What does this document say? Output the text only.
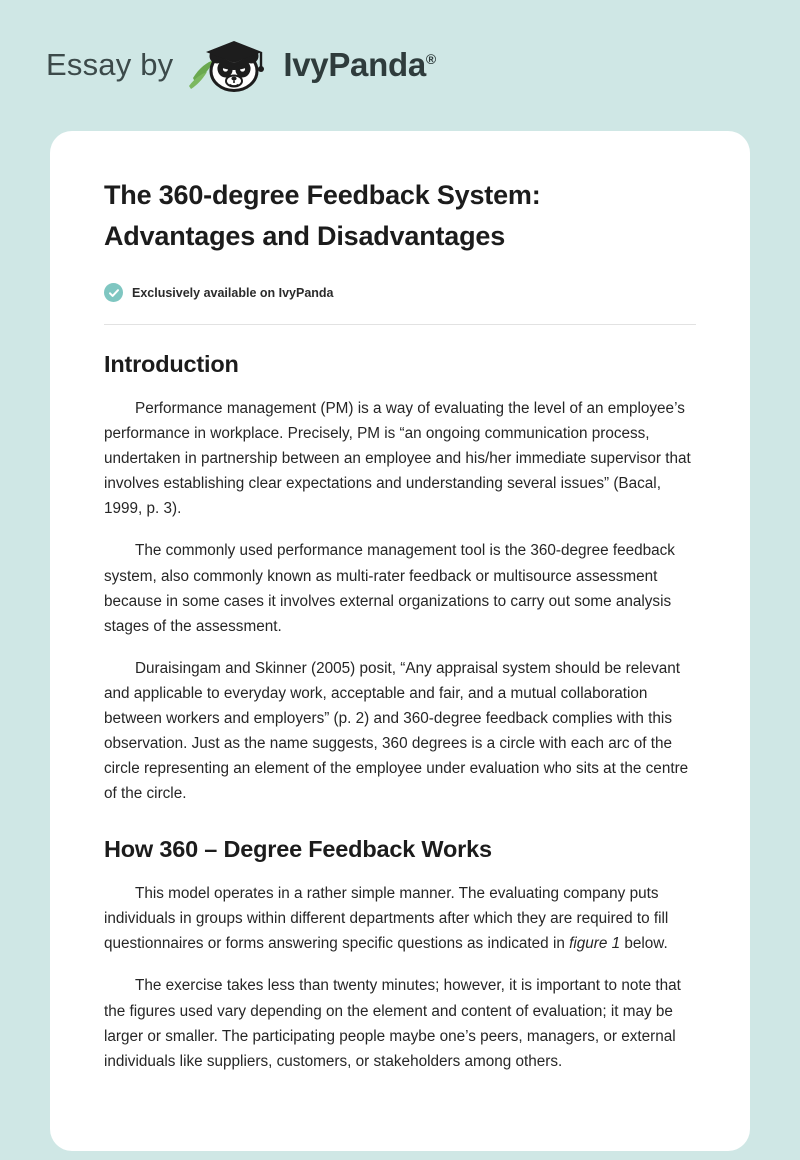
Essay by	IvyPanda®
The 360-degree Feedback System: Advantages and Disadvantages
Exclusively available on IvyPanda
Introduction

Performance management (PM) is a way of evaluating the level of an employee’s performance in workplace. Precisely, PM is “an ongoing communication process, undertaken in partnership between an employee and his/her immediate supervisor that involves establishing clear expectations and understanding several issues” (Bacal, 1999, p. 3).

The commonly used performance management tool is the 360-degree feedback system, also commonly known as multi-rater feedback or multisource assessment because in some cases it involves external organizations to carry out some analysis stages of the assessment.

Duraisingam and Skinner (2005) posit, “Any appraisal system should be relevant and applicable to everyday work, acceptable and fair, and a mutual collaboration between workers and employers” (p. 2) and 360-degree feedback complies with this observation. Just as the name suggests, 360 degrees is a circle with each arc of the circle representing an element of the employee under evaluation who sits at the centre of the circle.

How 360 – Degree Feedback Works

This model operates in a rather simple manner. The evaluating company puts individuals in groups within different departments after which they are required to fill questionnaires or forms answering specific questions as indicated in figure 1 below.

The exercise takes less than twenty minutes; however, it is important to note that the figures used vary depending on the element and content of evaluation; it may be larger or smaller. The participating people maybe one’s peers, managers, or external individuals like suppliers, customers, or stakeholders among others.
